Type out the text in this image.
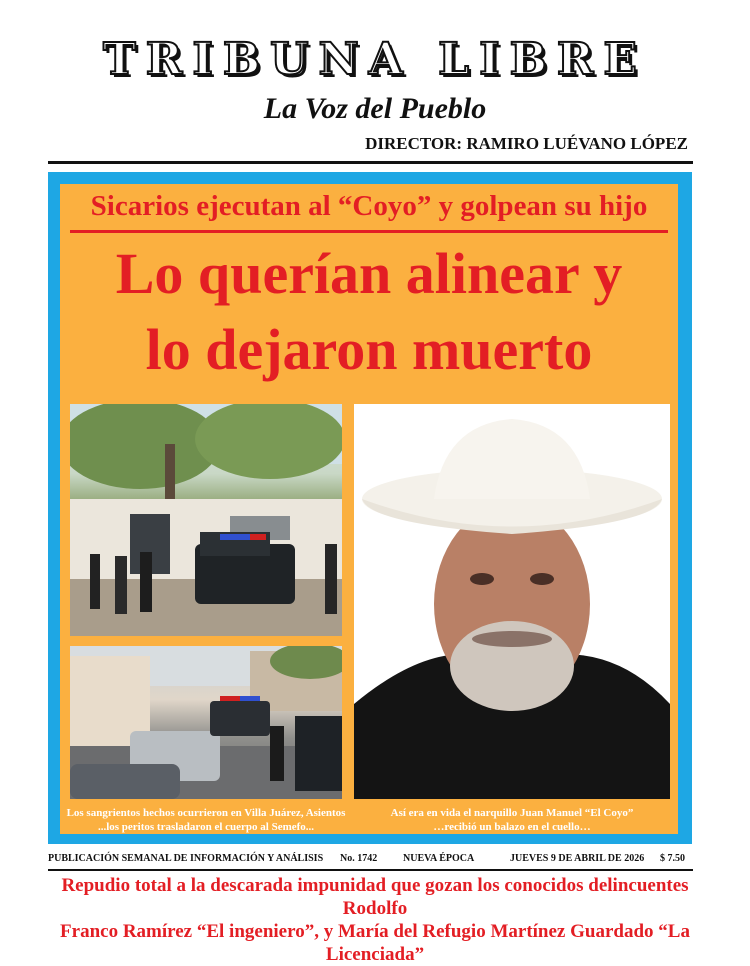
TRIBUNA LIBRE
La Voz del Pueblo
DIRECTOR: RAMIRO LUÉVANO LÓPEZ
Sicarios ejecutan al “Coyo” y golpean su hijo
Lo querían alinear y
lo dejaron muerto
Los sangrientos hechos ocurrieron en Villa Juárez, Asientos
...los peritos trasladaron el cuerpo al Semefo...
Así era en vida el narquillo Juan Manuel “El Coyo”
…recibió un balazo en el cuello…
PUBLICACIÓN SEMANAL DE INFORMACIÓN Y ANÁLISIS No. 1742	NUEVA ÉPOCA	JUEVES 9 DE ABRIL DE 2026 $ 7.50
Repudio total a la descarada impunidad que gozan los conocidos delincuentes Rodolfo
Franco Ramírez “El ingeniero”, y María del Refugio Martínez Guardado “La Licenciada”
